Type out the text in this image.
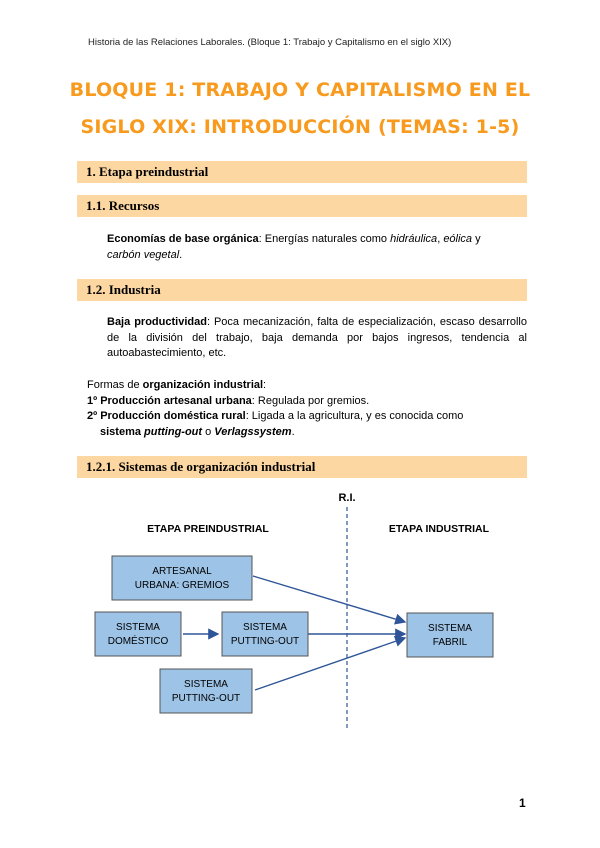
Historia de las Relaciones Laborales. (Bloque 1: Trabajo y Capitalismo en el siglo XIX)
BLOQUE 1: TRABAJO Y CAPITALISMO EN EL
SIGLO XIX: INTRODUCCIÓN (TEMAS: 1-5)
1. Etapa preindustrial
1.1. Recursos
Economías de base orgánica: Energías naturales como hidráulica, eólica y
carbón vegetal.
1.2. Industria
Baja productividad: Poca mecanización, falta de especialización, escaso desarrollo de la división del trabajo, baja demanda por bajos ingresos, tendencia al autoabastecimiento, etc.
Formas de organización industrial:
1º Producción artesanal urbana: Regulada por gremios.
2º Producción doméstica rural: Ligada a la agricultura, y es conocida como
sistema putting-out o Verlagssystem.
1.2.1. Sistemas de organización industrial
R.I.
ETAPA PREINDUSTRIAL	ETAPA INDUSTRIAL
ARTESANAL
URBANA: GREMIOS
SISTEMA
DOMÉSTICO
SISTEMA
PUTTING-OUT
SISTEMA
PUTTING-OUT
SISTEMA
FABRIL
1
